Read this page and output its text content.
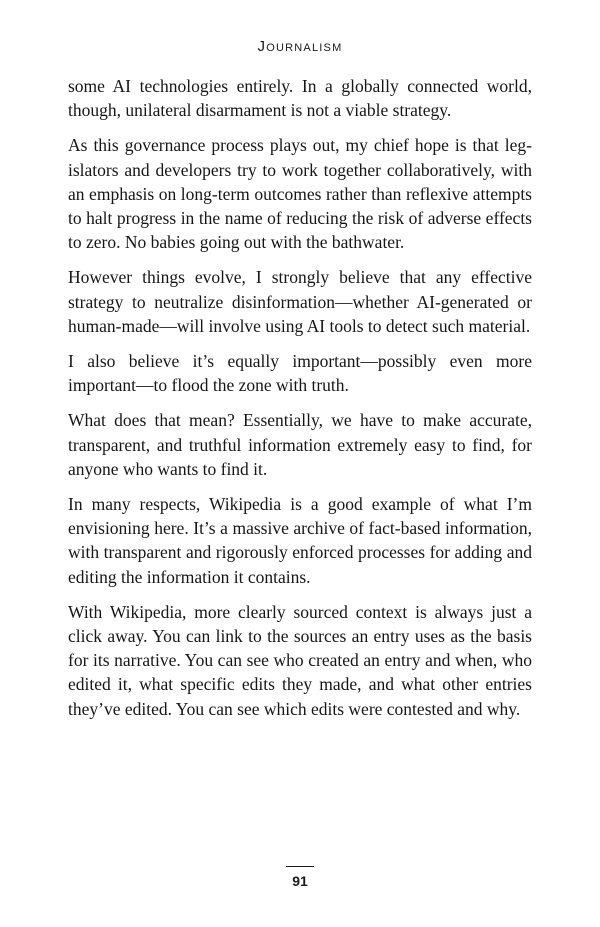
Journalism

some AI technologies entirely. In a globally connected world, though, unilateral disarmament is not a viable strategy.

As this governance process plays out, my chief hope is that legislators and developers try to work together collaboratively, with an emphasis on long-term outcomes rather than reflexive attempts to halt progress in the name of reducing the risk of adverse effects to zero. No babies going out with the bathwater.

However things evolve, I strongly believe that any effective strategy to neutralize disinformation—whether AI-generated or human-made—will involve using AI tools to detect such material.

I also believe it’s equally important—possibly even more important—to flood the zone with truth.

What does that mean? Essentially, we have to make accurate, transparent, and truthful information extremely easy to find, for anyone who wants to find it.

In many respects, Wikipedia is a good example of what I’m envisioning here. It’s a massive archive of fact-based information, with transparent and rigorously enforced processes for adding and editing the information it contains.

With Wikipedia, more clearly sourced context is always just a click away. You can link to the sources an entry uses as the basis for its narrative. You can see who created an entry and when, who edited it, what specific edits they made, and what other entries they’ve edited. You can see which edits were contested and why.

91
